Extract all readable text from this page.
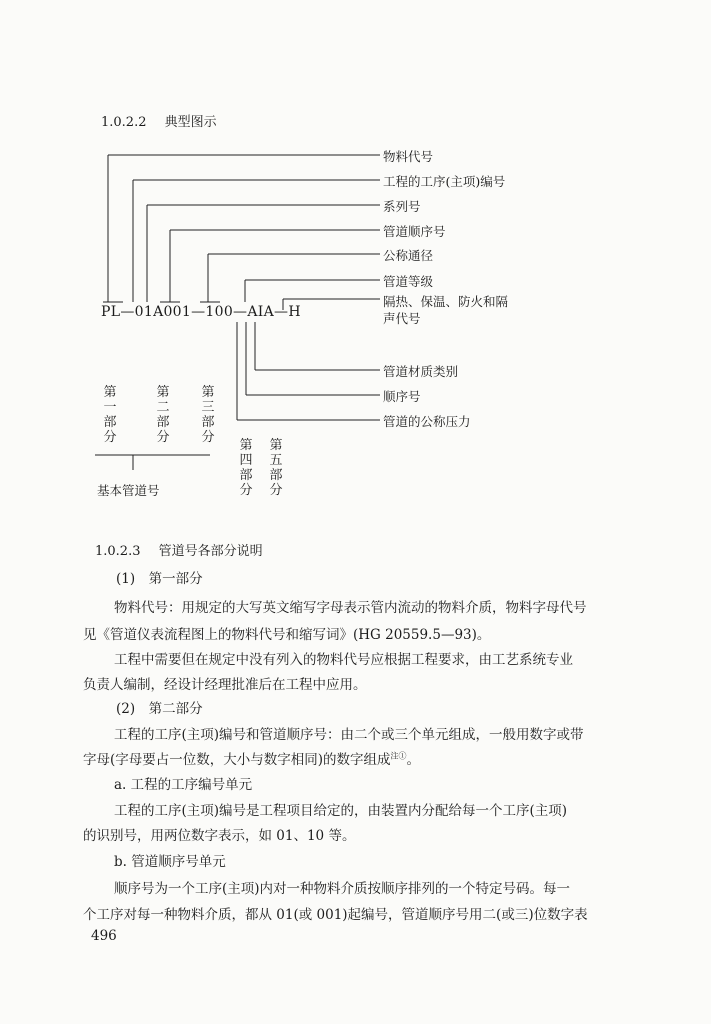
1.0.2.2 典型图示
PL—01A001—100—AIA—H
物料代号
工程的工序(主项)编号
系列号
管道顺序号
公称通径
管道等级
隔热、保温、防火和隔
声代号
管道材质类别
顺序号
管道的公称压力
第一部分
第二部分
第三部分
第四部分
第五部分
基本管道号
1.0.2.3 管道号各部分说明
(1)　第一部分
物料代号：用规定的大写英文缩写字母表示管内流动的物料介质，物料字母代号
见《管道仪表流程图上的物料代号和缩写词》(HG 20559.5—93)。
工程中需要但在规定中没有列入的物料代号应根据工程要求，由工艺系统专业
负责人编制，经设计经理批准后在工程中应用。
(2)　第二部分
工程的工序(主项)编号和管道顺序号：由二个或三个单元组成，一般用数字或带
字母(字母要占一位数，大小与数字相同)的数字组成$^{注①}$。
a. 工程的工序编号单元
工程的工序(主项)编号是工程项目给定的，由装置内分配给每一个工序(主项)
的识别号，用两位数字表示，如 01、10 等。
b. 管道顺序号单元
顺序号为一个工序(主项)内对一种物料介质按顺序排列的一个特定号码。每一
个工序对每一种物料介质，都从 01(或 001)起编号，管道顺序号用二(或三)位数字表
496
